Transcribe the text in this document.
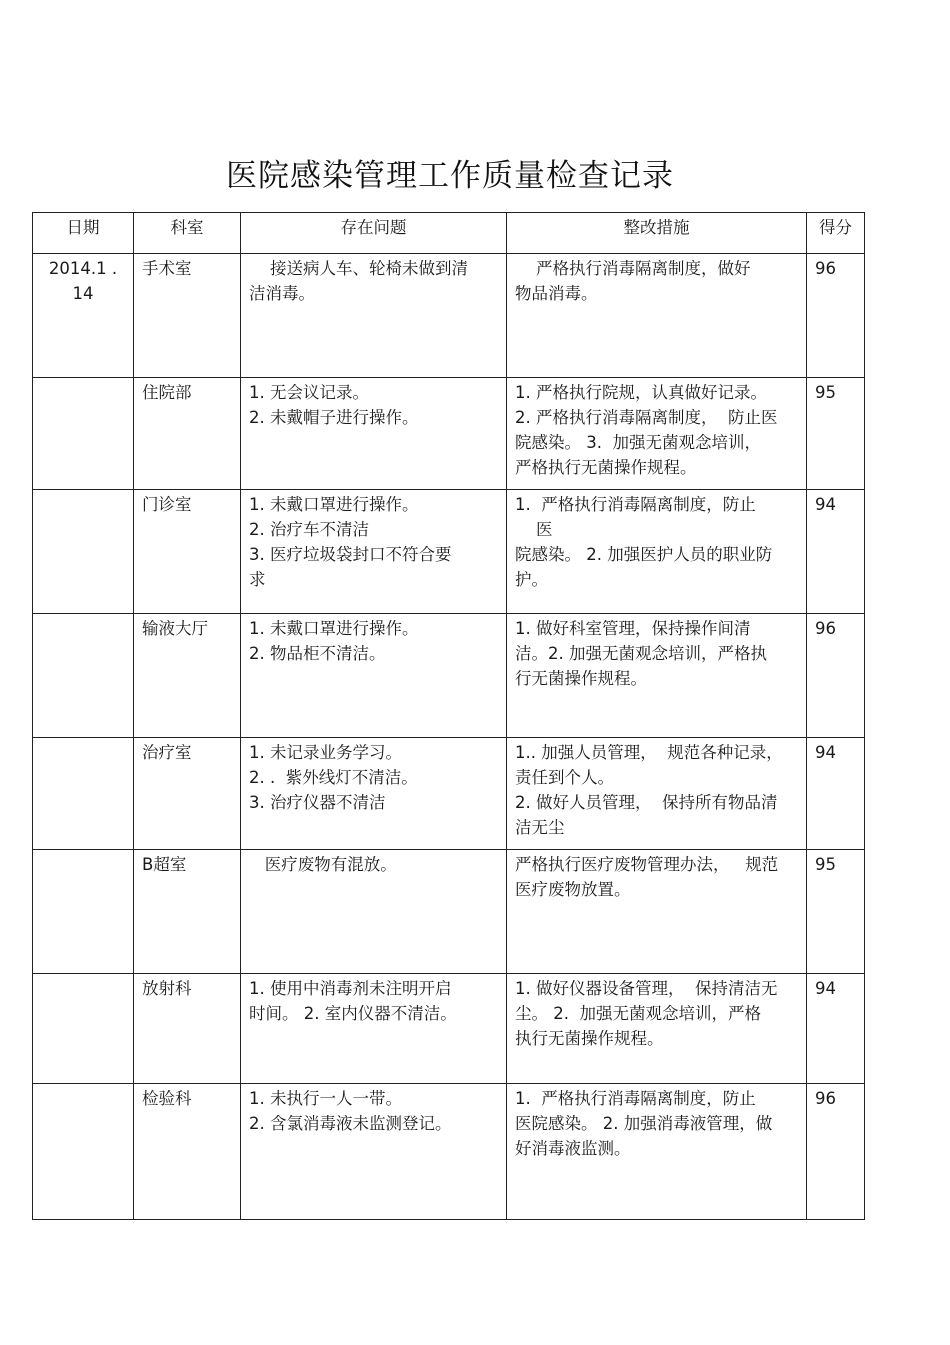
医院感染管理工作质量检查记录
日期	科室	存在问题	整改措施	得分

2014.1 .
14	手术室	接送病人车、轮椅未做到清
洁消毒。	严格执行消毒隔离制度，做好
物品消毒。	96
	住院部	1. 无会议记录。
2. 未戴帽子进行操作。	1. 严格执行院规，认真做好记录。
2. 严格执行消毒隔离制度，  防止医
院感染。 3.  加强无菌观念培训，
严格执行无菌操作规程。	95
	门诊室	1. 未戴口罩进行操作。
2. 治疗车不清洁
3. 医疗垃圾袋封口不符合要
求	1.  严格执行消毒隔离制度，防止
医
院感染。 2. 加强医护人员的职业防
护。	94
	输液大厅	1. 未戴口罩进行操作。
2. 物品柜不清洁。	1. 做好科室管理，保持操作间清
洁。2. 加强无菌观念培训，严格执
行无菌操作规程。	96
	治疗室	1. 未记录业务学习。
2. .  紫外线灯不清洁。
3. 治疗仪器不清洁	1.. 加强人员管理，  规范各种记录，
责任到个人。
2. 做好人员管理，  保持所有物品清
洁无尘	94
	B超室	医疗废物有混放。	严格执行医疗废物管理办法，   规范
医疗废物放置。	95
	放射科	1. 使用中消毒剂未注明开启
时间。 2. 室内仪器不清洁。	1. 做好仪器设备管理，  保持清洁无
尘。 2.  加强无菌观念培训，严格
执行无菌操作规程。	94
	检验科	1. 未执行一人一带。
2. 含氯消毒液未监测登记。	1.  严格执行消毒隔离制度，防止
医院感染。 2. 加强消毒液管理，做
好消毒液监测。	96
